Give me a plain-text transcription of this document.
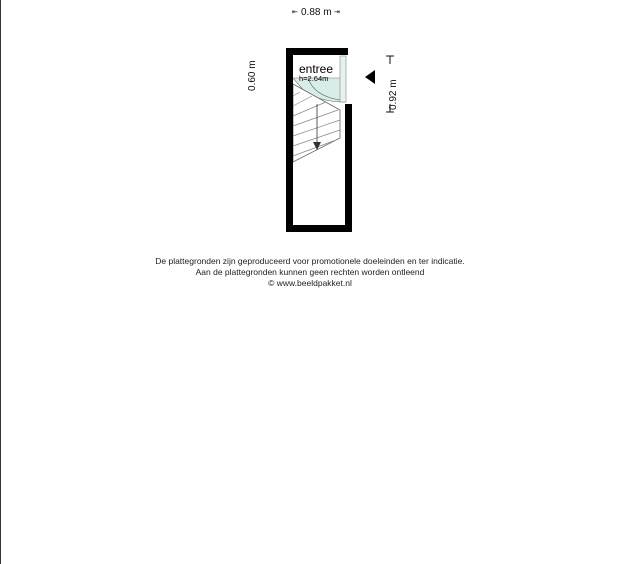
⇤ 0.88 m ⇥
0.60 m
0.92 m
entree
h=2.64m
De plattegronden zijn geproduceerd voor promotionele doeleinden en ter indicatie.
Aan de plattegronden kunnen geen rechten worden ontleend
© www.beeldpakket.nl
